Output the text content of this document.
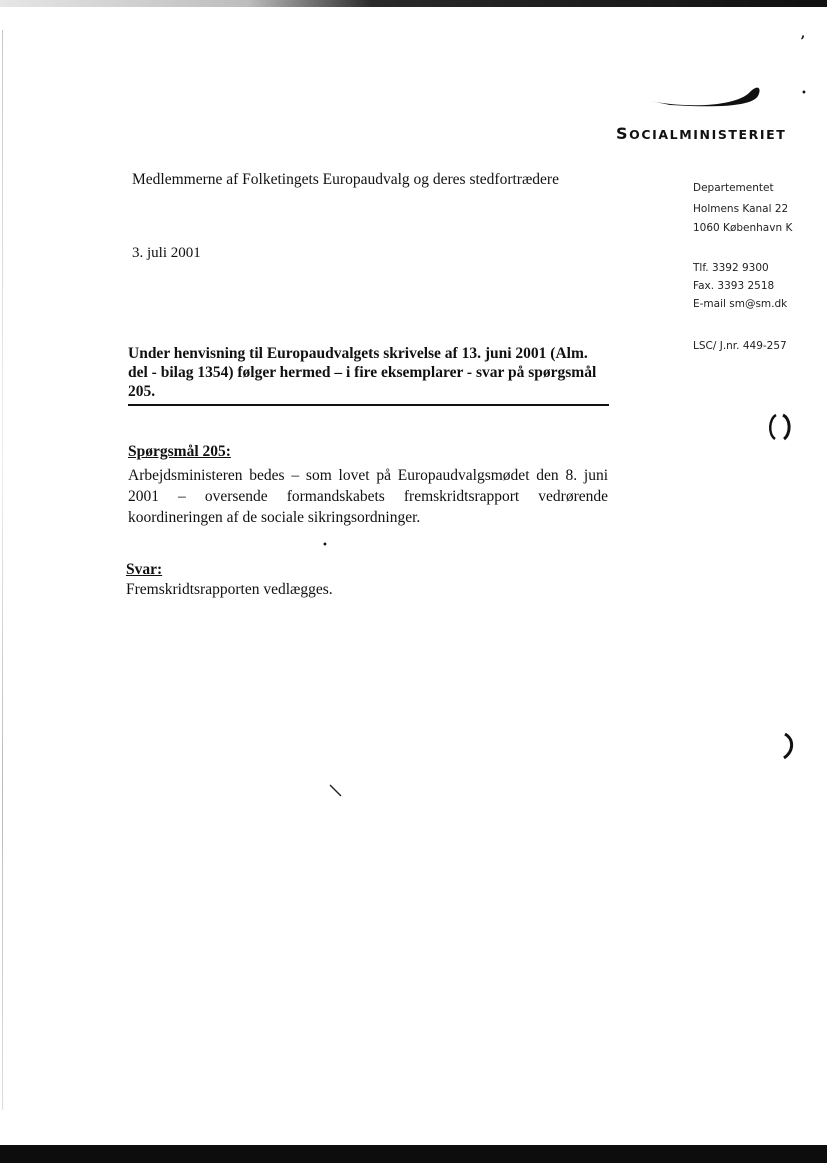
ʼ
•
SOCIALMINISTERIET
Medlemmerne af Folketingets Europaudvalg og deres stedfortrædere
3. juli 2001
Departementet
Holmens Kanal 22
1060 København K
Tlf. 3392 9300
Fax. 3393 2518
E-mail sm@sm.dk
LSC/ J.nr. 449-257
Under henvisning til Europaudvalgets skrivelse af 13. juni 2001 (Alm.
del - bilag 1354) følger hermed – i fire eksemplarer - svar på spørgsmål
205.
Spørgsmål 205:
Arbejdsministeren bedes – som lovet på Europaudvalgsmødet den 8. juni 2001 – oversende formandskabets fremskridtsrapport vedrørende koordineringen af de sociale sikringsordninger.
Svar:
Fremskridtsrapporten vedlægges.
•
